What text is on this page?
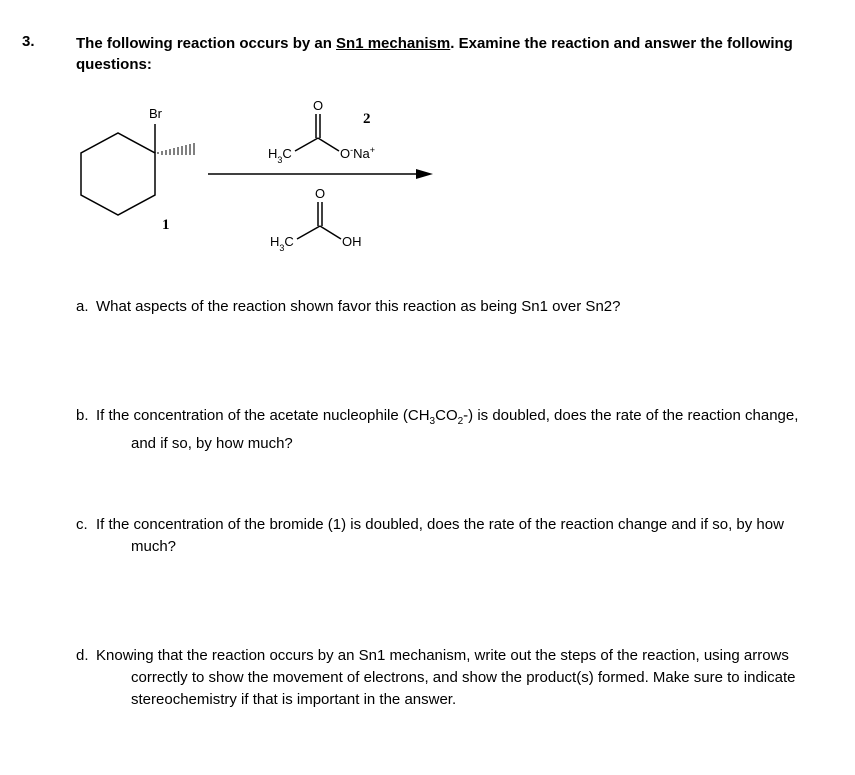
3.	The following reaction occurs by an Sn1 mechanism. Examine the reaction and answer the following questions:
Br
1
$H_3C$
O
O-Na+
2
$H_3C$
O
OH
a. What aspects of the reaction shown favor this reaction as being Sn1 over Sn2?
b. If the concentration of the acetate nucleophile $(CH_3CO_2-)$ is doubled, does the rate of the reaction change,
and if so, by how much?
c. If the concentration of the bromide (1) is doubled, does the rate of the reaction change and if so, by how
much?
d. Knowing that the reaction occurs by an Sn1 mechanism, write out the steps of the reaction, using arrows
correctly to show the movement of electrons, and show the product(s) formed. Make sure to indicate
stereochemistry if that is important in the answer.
